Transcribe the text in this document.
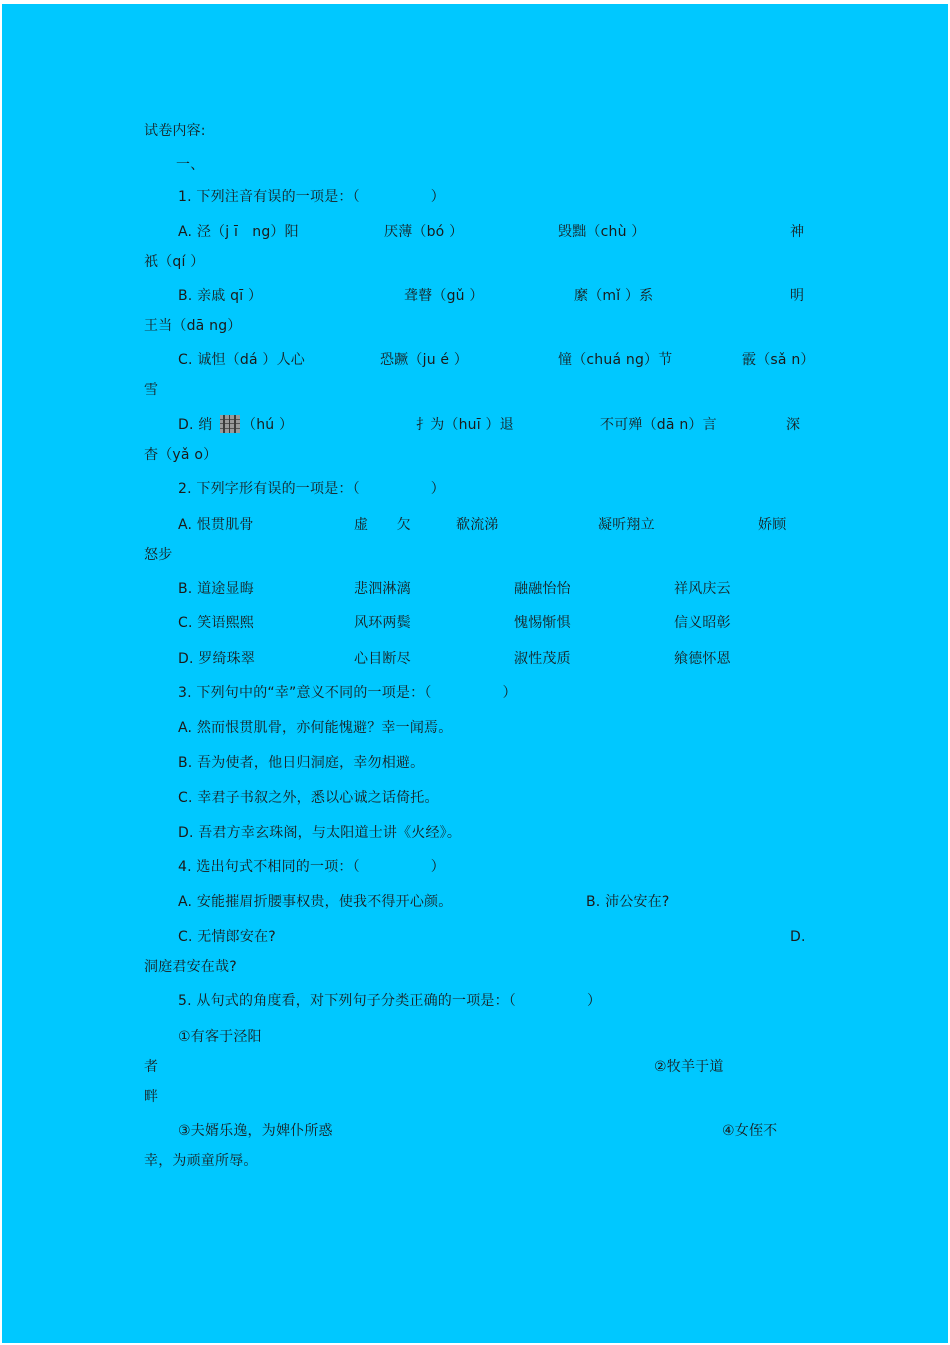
试卷内容:
一、
1. 下列注音有误的一项是：（　　　　　）
A. 泾（j ī　ng）阳	厌薄（bó ）	毁黜（chù ）	神
祇（qí ）
B. 亲戚 qī ）	聋瞽（gǔ ）	縻（mǐ ）系	明
王当（dā ng）
C. 诚怛（dá ）人心	恐蹶（ju é ）	憧（chuá ng）节	霰（sǎ n）
雪
D. 绡 （hú ）	扌为（huī ）退	不可殚（dā n）言	深
杳（yǎ o）
2. 下列字形有误的一项是：（　　　　　）
A. 恨贯肌骨	虚　　欠	欷流涕	凝听翔立	娇顾
怒步
B. 道途显晦	悲泗淋漓	融融怡怡	祥风庆云
C. 笑语熙熙	风环两鬓	愧惕惭惧	信义昭彰
D. 罗绮珠翠	心目断尽	淑性茂质	飨德怀恩
3. 下列句中的“幸”意义不同的一项是：（　　　　　）
A. 然而恨贯肌骨，亦何能愧避？幸一闻焉。
B. 吾为使者，他日归洞庭，幸勿相避。
C. 幸君子书叙之外，悉以心诚之话倚托。
D. 吾君方幸玄珠阁，与太阳道士讲《火经》。
4. 选出句式不相同的一项：（　　　　　）
A. 安能摧眉折腰事权贵，使我不得开心颜。	B. 沛公安在?
C. 无情郎安在?	D.
洞庭君安在哉?
5. 从句式的角度看，对下列句子分类正确的一项是：（　　　　　）
①有客于泾阳
者	②牧羊于道
畔
③夫婿乐逸，为婢仆所惑	④女侄不
幸，为顽童所辱。
